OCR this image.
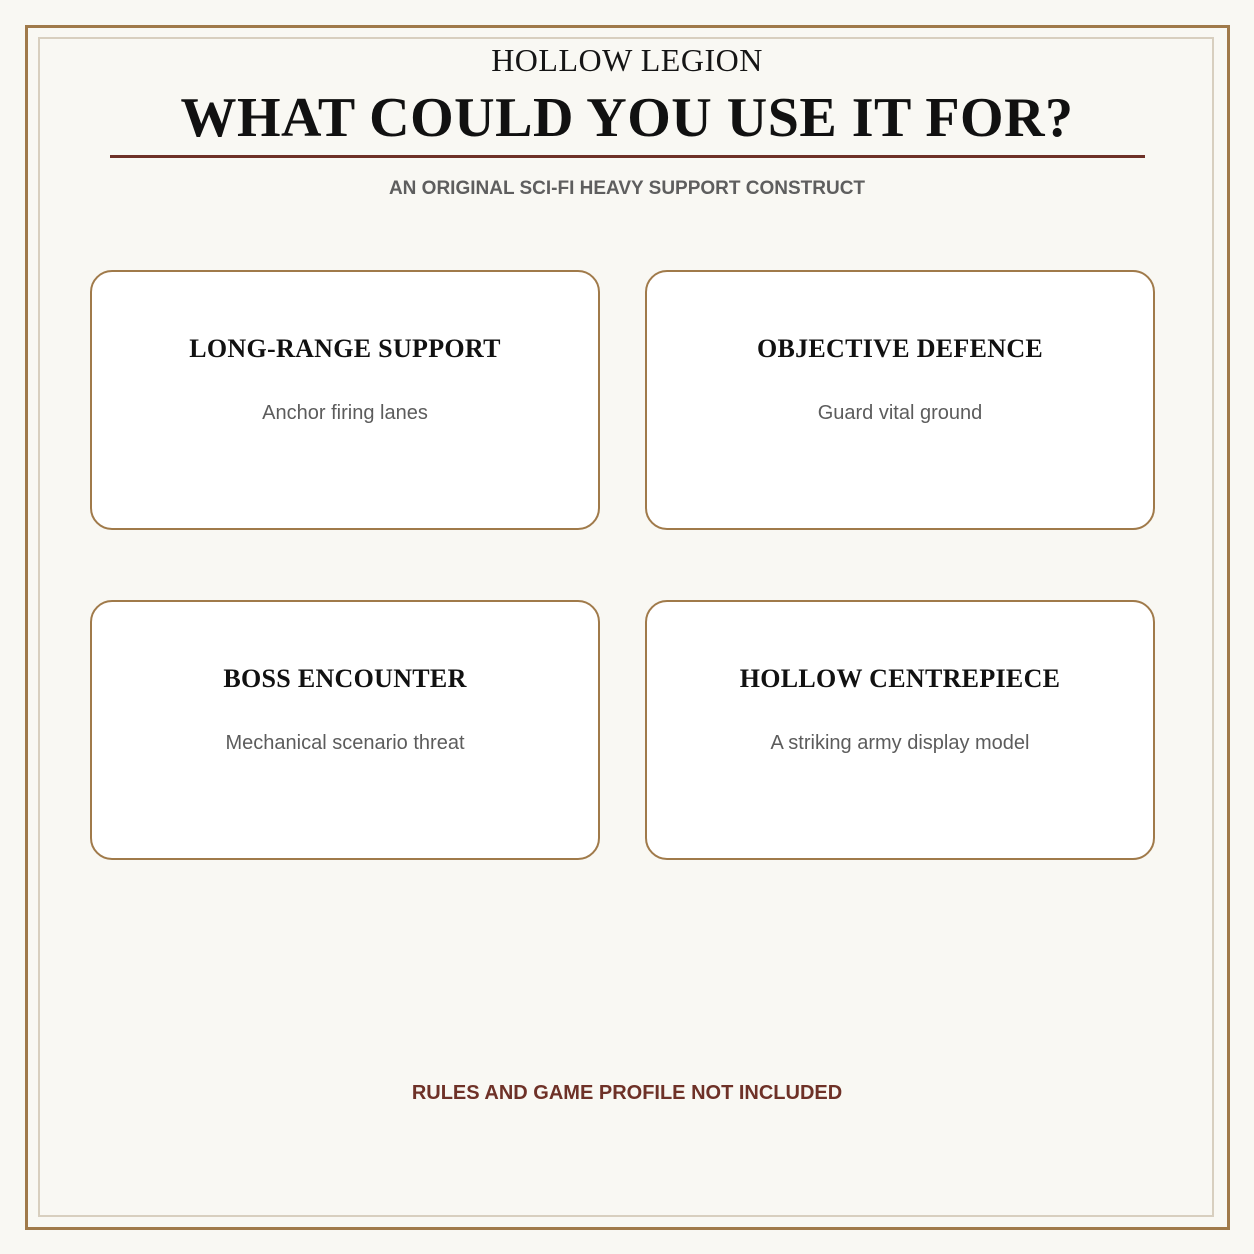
HOLLOW LEGION
WHAT COULD YOU USE IT FOR?
AN ORIGINAL SCI-FI HEAVY SUPPORT CONSTRUCT
LONG-RANGE SUPPORT
Anchor firing lanes
OBJECTIVE DEFENCE
Guard vital ground
BOSS ENCOUNTER
Mechanical scenario threat
HOLLOW CENTREPIECE
A striking army display model
RULES AND GAME PROFILE NOT INCLUDED
